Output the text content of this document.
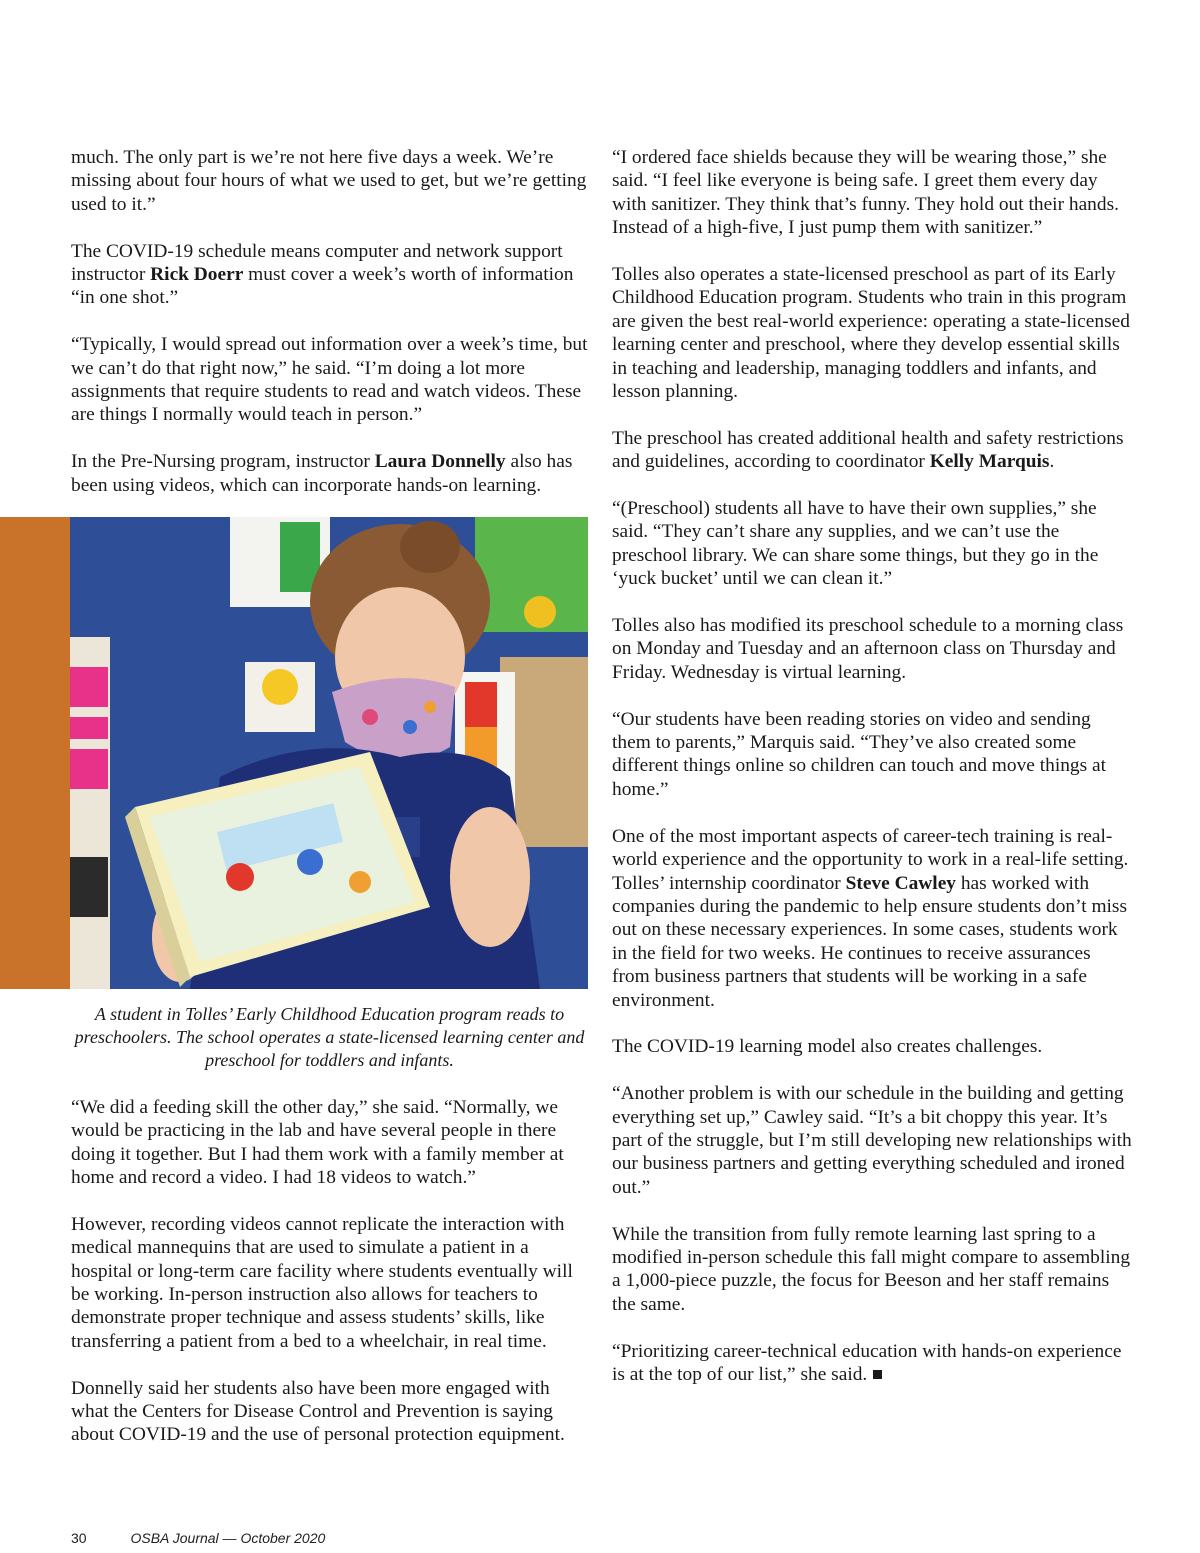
much. The only part is we’re not here five days a week. We’re missing about four hours of what we used to get, but we’re getting used to it.”

The COVID-19 schedule means computer and network support instructor Rick Doerr must cover a week’s worth of information “in one shot.”

“Typically, I would spread out information over a week’s time, but we can’t do that right now,” he said. “I’m doing a lot more assignments that require students to read and watch videos. These are things I normally would teach in person.”

In the Pre-Nursing program, instructor Laura Donnelly also has been using videos, which can incorporate hands-on learning.

A student in Tolles’ Early Childhood Education program reads to preschoolers. The school operates a state-licensed learning center and preschool for toddlers and infants.

“We did a feeding skill the other day,” she said. “Normally, we would be practicing in the lab and have several people in there doing it together. But I had them work with a family member at home and record a video. I had 18 videos to watch.”

However, recording videos cannot replicate the interaction with medical mannequins that are used to simulate a patient in a hospital or long-term care facility where students eventually will be working. In-person instruction also allows for teachers to demonstrate proper technique and assess students’ skills, like transferring a patient from a bed to a wheelchair, in real time.

Donnelly said her students also have been more engaged with what the Centers for Disease Control and Prevention is saying about COVID-19 and the use of personal protection equipment.

“I ordered face shields because they will be wearing those,” she said. “I feel like everyone is being safe. I greet them every day with sanitizer. They think that’s funny. They hold out their hands. Instead of a high-five, I just pump them with sanitizer.”

Tolles also operates a state-licensed preschool as part of its Early Childhood Education program. Students who train in this program are given the best real-world experience: operating a state-licensed learning center and preschool, where they develop essential skills in teaching and leadership, managing toddlers and infants, and lesson planning.

The preschool has created additional health and safety restrictions and guidelines, according to coordinator Kelly Marquis.

“(Preschool) students all have to have their own supplies,” she said. “They can’t share any supplies, and we can’t use the preschool library. We can share some things, but they go in the ‘yuck bucket’ until we can clean it.”

Tolles also has modified its preschool schedule to a morning class on Monday and Tuesday and an afternoon class on Thursday and Friday. Wednesday is virtual learning.

“Our students have been reading stories on video and sending them to parents,” Marquis said. “They’ve also created some different things online so children can touch and move things at home.”

One of the most important aspects of career-tech training is real-world experience and the opportunity to work in a real-life setting. Tolles’ internship coordinator Steve Cawley has worked with companies during the pandemic to help ensure students don’t miss out on these necessary experiences. In some cases, students work in the field for two weeks. He continues to receive assurances from business partners that students will be working in a safe environment.

The COVID-19 learning model also creates challenges.

“Another problem is with our schedule in the building and getting everything set up,” Cawley said. “It’s a bit choppy this year. It’s part of the struggle, but I’m still developing new relationships with our business partners and getting everything scheduled and ironed out.”

While the transition from fully remote learning last spring to a modified in-person schedule this fall might compare to assembling a 1,000-piece puzzle, the focus for Beeson and her staff remains the same.

“Prioritizing career-technical education with hands-on experience is at the top of our list,” she said.

30	OSBA Journal — October 2020
